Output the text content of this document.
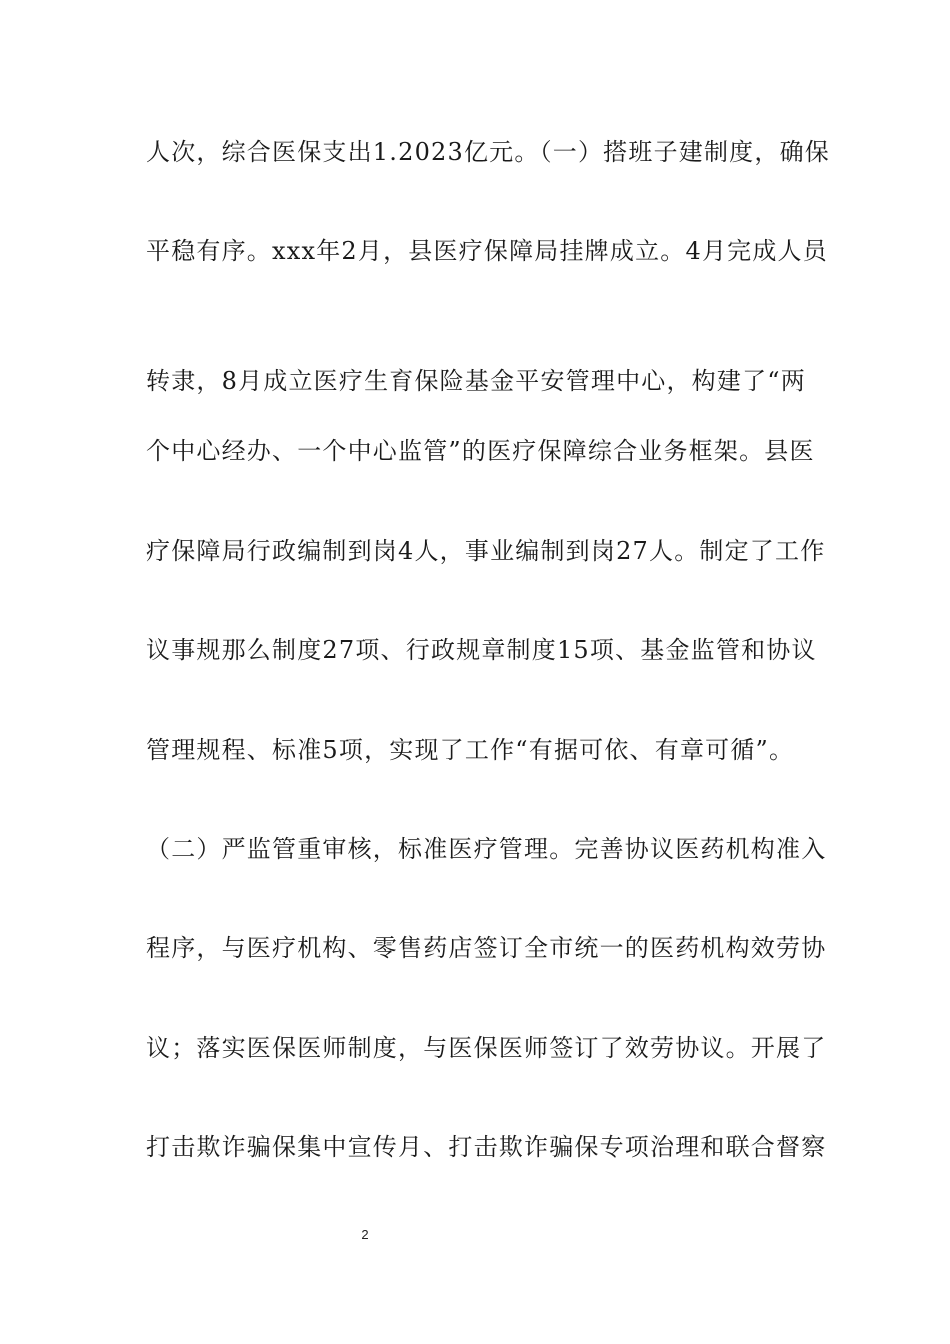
人次，综合医保支出1.2023亿元。（一）搭班子建制度，确保
平稳有序。xxx年2月，县医疗保障局挂牌成立。4月完成人员
转隶，8月成立医疗生育保险基金平安管理中心，构建了“两
个中心经办、一个中心监管”的医疗保障综合业务框架。县医
疗保障局行政编制到岗4人，事业编制到岗27人。制定了工作
议事规那么制度27项、行政规章制度15项、基金监管和协议
管理规程、标准5项，实现了工作“有据可依、有章可循”。
（二）严监管重审核，标准医疗管理。完善协议医药机构准入
程序，与医疗机构、零售药店签订全市统一的医药机构效劳协
议；落实医保医师制度，与医保医师签订了效劳协议。开展了
打击欺诈骗保集中宣传月、打击欺诈骗保专项治理和联合督察
2
